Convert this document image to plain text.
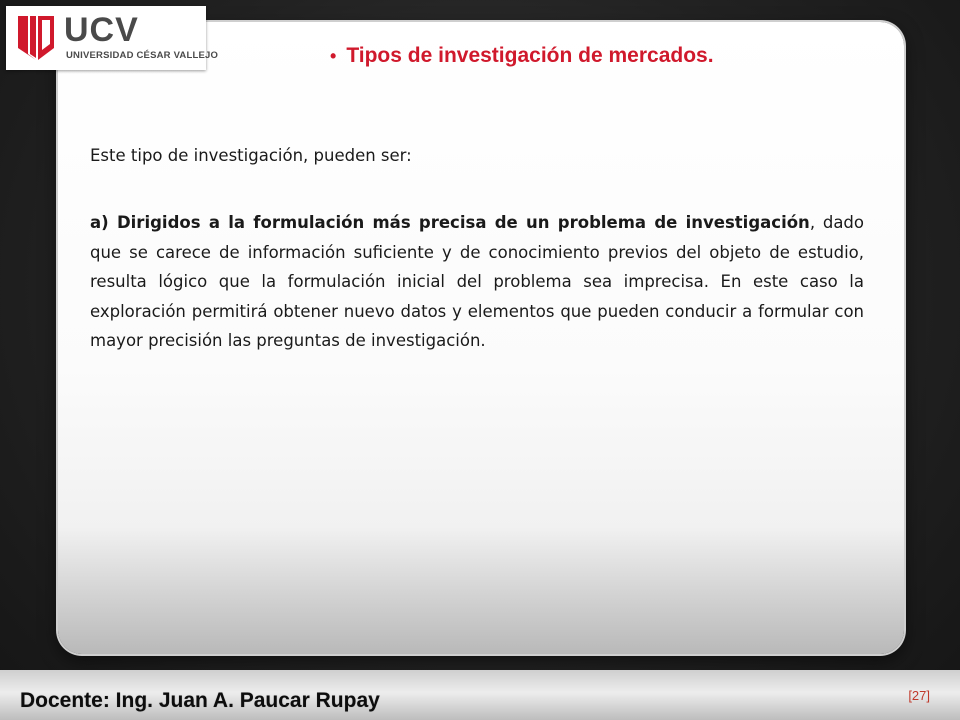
UCV
UNIVERSIDAD CÉSAR VALLEJO	• Tipos de investigación de mercados.
Este tipo de investigación, pueden ser:
a) Dirigidos a la formulación más precisa de un problema de investigación, dado que se carece de información suficiente y de conocimiento previos del objeto de estudio, resulta lógico que la formulación inicial del problema sea imprecisa. En este caso la exploración permitirá obtener nuevo datos y elementos que pueden conducir a formular con mayor precisión las preguntas de investigación.
Docente: Ing. Juan A. Paucar Rupay	[27]
